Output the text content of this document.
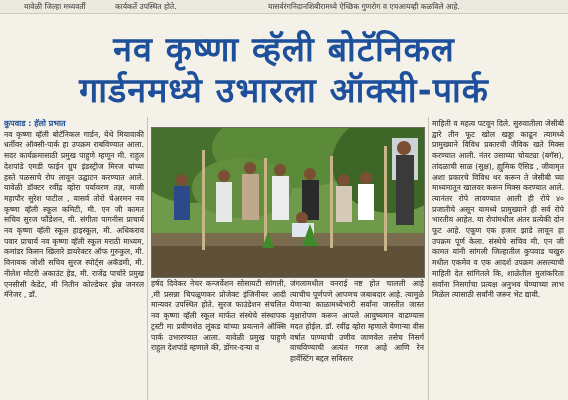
यावेळी जिल्हा मध्यवर्ती	कार्यकर्ते उपस्थित होते.	यासर्वरंगनिदानशिबीरामध्ये ऐच्छिक गुणरोग व एचआयव्ही कळविले आहे.
नव कृष्णा व्हॅली बोटॅनिकल
गार्डनमध्ये उभारला ऑक्सी-पार्क

कुपवाड : हॅलो प्रभात

नव कृष्णा व्हॅली बोटॅनिकल गार्डन, येथे मियावाकी धर्तीवर ऑक्सी-पार्क हा उपक्रम राबविण्यात आला. सदर कार्यक्रमासाठी प्रमुख पाहुणे म्हणून मी. राहुल देशपांडे एमडी फाईन ग्रुप इंडस्ट्रीज मिरज यांच्या हस्ते पळसाचे रोप लावून उद्घाटन करण्यात आले. यावेळी डॉक्टर रवींद्र व्होरा पर्यावरण तज्ञ, माजी महापौर सुरेश पाटील , यासर्व तोरो चेअरमन नव कृष्णा व्हॅली स्कूल कमिटी, मी. एन जी कामत सचिव सुरज फौंडेशन, मी. संगीता पागनीस प्राचार्य नव कृष्णा व्हॅली स्कूल हाइस्कूल, मी. अधिकराव पवार प्राचार्य नव कृष्णा व्हॅली स्कूल मराठी माध्यम, कमांडर किसन खिलारे डायरेक्टर ऑफ गुरुकुल, मी. विनायक जोशी सचिव सुरज स्पोर्ट्स अकॅडमी, मी. नीलेश मोटरी अकाउंट हेड, मी. राजेंद्र पाचोरे प्रमुख एनसीसी केडेट, मी नितीन कोल्डेकर झेन्न जनरल मॅनेजर , डॉ.

हर्षद दिवेकर नेचर कन्जर्वेशन सोसायटी सांगली, ,मी प्रसन्ना चिपळूणकर प्रोजेक्ट इंजिनीयर आदी मान्यवर उपस्थित होते. सुरज फाउंडेशन संचलित नव कृष्णा व्हॅली स्कूल मार्फत संस्थेचे संस्थापक ट्रस्टी मा प्रवीणशेठ लूंकड यांच्या प्रयत्नाने ऑक्सि पार्क उभारण्यात आला. यावेळी प्रमुख पाहुणे राहुल देशपांडे म्हणाले की, डोंगर-दऱ्या व

जंगलामधील वनराई नष्ट होत चालली आहे त्याचीच पूर्णपणे आपणच जबाबदार आहे. त्यामुळे येणाऱ्या काळामध्येभारी सर्वांना जास्तीत जास्त वृक्षारोपण करून आपले आयुष्यमान वाढण्यास मदत होईल. डॉ. रवींद्र व्होरा म्हणाले येणाऱ्या वीस वर्षात पाण्याची उणीव जाणवेल तसेच निसर्ग वाचविण्याची अत्यंत गरज आहे आणि रेन हार्वेस्टिंग बद्दल सविस्तर

माहिती व महत्व पटवून दिले. सुरुवातीला जेसीबी द्वारे तीन फूट खोल खड्डा काढून त्यामध्ये प्रामुख्याने विविध प्रकारची जैविक खते मिक्स करण्यात आली. नंतर उसाच्या चोयट्या (बगॅस), तांदळाची साळ (सुक्ष), ह्युमिक ऍसिड , जीवामृत अशा प्रकारचे विविध थर करून ते जेसीबी च्या माध्यमातून खालवर करून मिक्स करण्यात आले. त्यानंतर रोपे लावण्यात आली ही रोपे ४० प्रजातीचे असून यामध्ये प्रामुख्याने ही सर्व रोपे भारतीय आहेत. या रोपांमधील अंतर प्रत्येकी दोन फूट आहे. एकूण एक हजार झाडे लावून हा उपक्रम पूर्ण केला. संस्थेचे सचिव मी. एन जी कामत यांनी सांगली जिल्हातील कुपवाड चखुरु मधील एकमेव व एक आदर्श उपक्रम असल्याची माहिती देत सांगितले कि, शाळेतील मुलांकरिता सर्वांना निसर्गाचा प्रत्यक्ष अनुभव घेण्याच्या लाभ मिळेल त्यासाठी सर्वांनी जरूर भेट द्यावी.
